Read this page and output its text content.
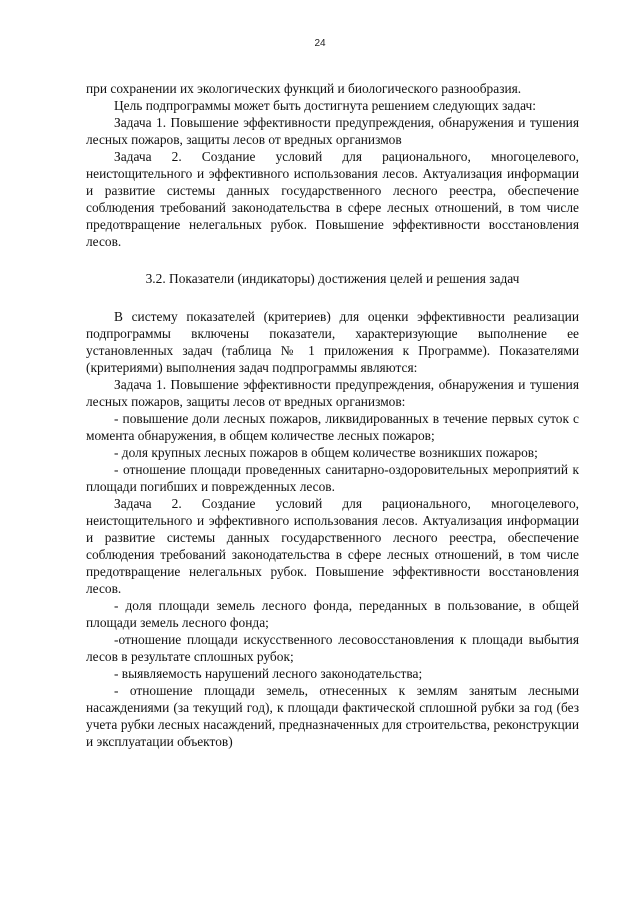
24

при сохранении их экологических функций и биологического разнообразия.

Цель подпрограммы может быть достигнута решением следующих задач:

Задача 1. Повышение эффективности предупреждения, обнаружения и тушения лесных пожаров, защиты лесов от вредных организмов

Задача 2. Создание условий для рационального, многоцелевого, неистощительного и эффективного использования лесов. Актуализация информации и развитие системы данных государственного лесного реестра, обеспечение соблюдения требований законодательства в сфере лесных отношений, в том числе предотвращение нелегальных рубок. Повышение эффективности восстановления лесов.

3.2. Показатели (индикаторы) достижения целей и решения задач

В систему показателей (критериев) для оценки эффективности реализации подпрограммы включены показатели, характеризующие выполнение ее установленных задач (таблица № 1 приложения к Программе). Показателями (критериями) выполнения задач подпрограммы являются:

Задача 1. Повышение эффективности предупреждения, обнаружения и тушения лесных пожаров, защиты лесов от вредных организмов:

- повышение доли лесных пожаров, ликвидированных в течение первых суток с момента обнаружения, в общем количестве лесных пожаров;

- доля крупных лесных пожаров в общем количестве возникших пожаров;

- отношение площади проведенных санитарно-оздоровительных мероприятий к площади погибших и поврежденных лесов.

Задача 2. Создание условий для рационального, многоцелевого, неистощительного и эффективного использования лесов. Актуализация информации и развитие системы данных государственного лесного реестра, обеспечение соблюдения требований законодательства в сфере лесных отношений, в том числе предотвращение нелегальных рубок. Повышение эффективности восстановления лесов.

- доля площади земель лесного фонда, переданных в пользование, в общей площади земель лесного фонда;

-отношение площади искусственного лесовосстановления к площади выбытия лесов в результате сплошных рубок;

- выявляемость нарушений лесного законодательства;

- отношение площади земель, отнесенных к землям занятым лесными насаждениями (за текущий год), к площади фактической сплошной рубки за год (без учета рубки лесных насаждений, предназначенных для строительства, реконструкции и эксплуатации объектов)
